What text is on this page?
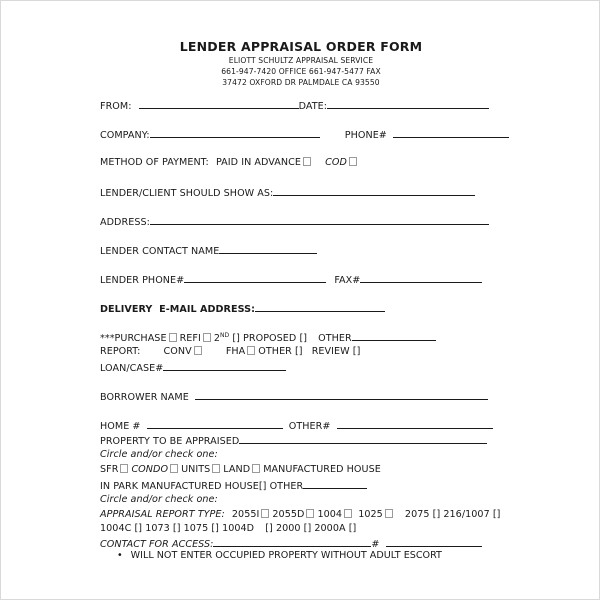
LENDER APPRAISAL ORDER FORM
ELIOTT SCHULTZ APPRAISAL SERVICE
661-947-7420 OFFICE 661-947-5477 FAX
37472 OXFORD DR PALMDALE CA 93550
FROM:	DATE:
COMPANY:	PHONE#
METHOD OF PAYMENT: PAID IN ADVANCE	COD
LENDER/CLIENT SHOULD SHOW AS:
ADDRESS:
LENDER CONTACT NAME
LENDER PHONE#	FAX#
DELIVERY  E-MAIL ADDRESS:
***PURCHASE REFI 2ND [] PROPOSED [] OTHER
REPORT: CONV	FHA OTHER [] REVIEW []
LOAN/CASE#
BORROWER NAME
HOME #	OTHER#
PROPERTY TO BE APPRAISED
Circle and/or check one:
SFR CONDO UNITS LAND MANUFACTURED HOUSE
IN PARK MANUFACTURED HOUSE[] OTHER
Circle and/or check one:
APPRAISAL REPORT TYPE: 2055I 2055D 1004 1025 2075 [] 216/1007 []
1004C [] 1073 [] 1075 [] 1004D [] 2000 [] 2000A []
CONTACT FOR ACCESS:	#
• WILL NOT ENTER OCCUPIED PROPERTY WITHOUT ADULT ESCORT
